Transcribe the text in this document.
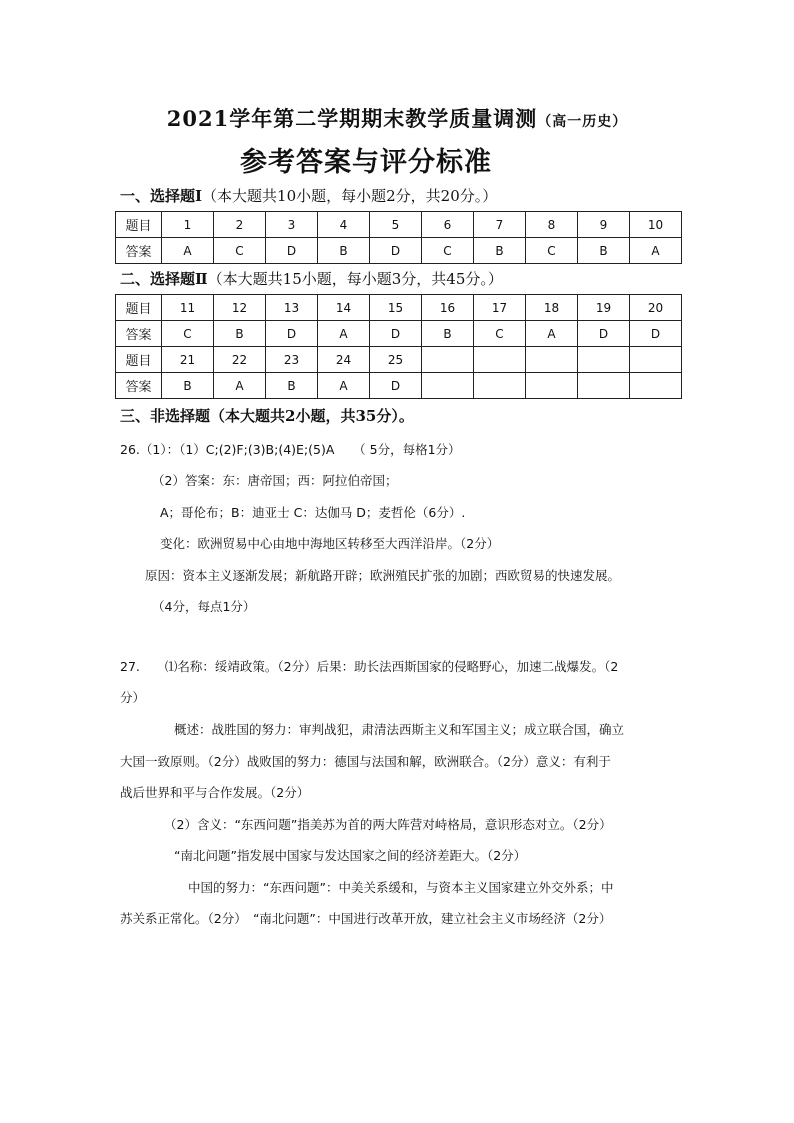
2021学年第二学期期末教学质量调测（高一历史）
参考答案与评分标准
一、选择题Ⅰ（本大题共10小题，每小题2分，共20分。）
题目	1	2	3	4	5	6	7	8	9	10
答案	A	C	D	B	D	C	B	C	B	A
二、选择题Ⅱ（本大题共15小题，每小题3分，共45分。）
题目	11	12	13	14	15	16	17	18	19	20
答案	C	B	D	A	D	B	C	A	D	D
题目	21	22	23	24	25					
答案	B	A	B	A	D					
三、非选择题（本大题共2小题，共35分）。
26.（1）：（1）C;(2)F;(3)B;(4)E;(5)A　　（ 5分，每格1分）
（2）答案：东：唐帝国；西：阿拉伯帝国；
A；哥伦布；B：迪亚士 C：达伽马 D；麦哲伦（6分）.
变化：欧洲贸易中心由地中海地区转移至大西洋沿岸。（2分）
原因：资本主义逐渐发展；新航路开辟；欧洲殖民扩张的加剧；西欧贸易的快速发展。
（4分，每点1分）
27.　　⑴名称：绥靖政策。（2分）后果：助长法西斯国家的侵略野心，加速二战爆发。（2
分）
概述：战胜国的努力：审判战犯，肃清法西斯主义和军国主义；成立联合国，确立
大国一致原则。（2分）战败国的努力：德国与法国和解，欧洲联合。（2分）意义：有利于
战后世界和平与合作发展。（2分）
（2）含义：“东西问题”指美苏为首的两大阵营对峙格局，意识形态对立。（2分）
“南北问题”指发展中国家与发达国家之间的经济差距大。（2分）
中国的努力：“东西问题”：中美关系缓和，与资本主义国家建立外交外系；中
苏关系正常化。（2分）　“南北问题”：中国进行改革开放，建立社会主义市场经济（2分）
